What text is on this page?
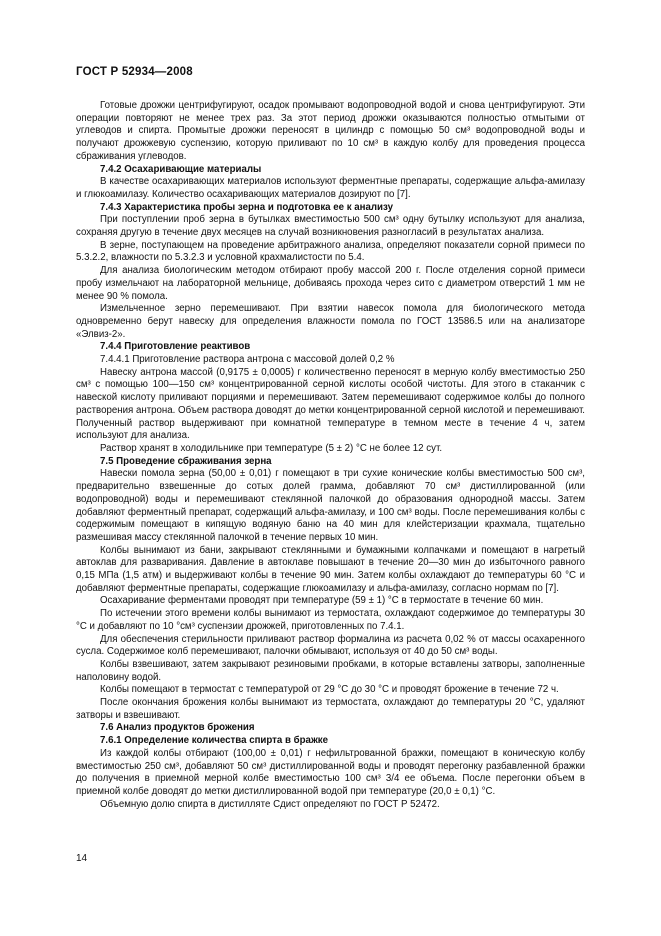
ГОСТ Р 52934—2008

Готовые дрожжи центрифугируют, осадок промывают водопроводной водой и снова центрифугируют. Эти операции повторяют не менее трех раз. За этот период дрожжи оказываются полностью отмытыми от углеводов и спирта. Промытые дрожжи переносят в цилиндр с помощью 50 см³ водопроводной воды и получают дрожжевую суспензию, которую приливают по 10 см³ в каждую колбу для проведения процесса сбраживания углеводов.

7.4.2 Осахаривающие материалы

В качестве осахаривающих материалов используют ферментные препараты, содержащие альфа-амилазу и глюкоамилазу. Количество осахаривающих материалов дозируют по [7].

7.4.3 Характеристика пробы зерна и подготовка ее к анализу

При поступлении проб зерна в бутылках вместимостью 500 см³ одну бутылку используют для анализа, сохраняя другую в течение двух месяцев на случай возникновения разногласий в результатах анализа.

В зерне, поступающем на проведение арбитражного анализа, определяют показатели сорной примеси по 5.3.2.2, влажности по 5.3.2.3 и условной крахмалистости по 5.4.

Для анализа биологическим методом отбирают пробу массой 200 г. После отделения сорной примеси пробу измельчают на лабораторной мельнице, добиваясь прохода через сито с диаметром отверстий 1 мм не менее 90 % помола.

Измельченное зерно перемешивают. При взятии навесок помола для биологического метода одновременно берут навеску для определения влажности помола по ГОСТ 13586.5 или на анализаторе «Элвиз-2».

7.4.4 Приготовление реактивов

7.4.4.1 Приготовление раствора антрона с массовой долей 0,2 %

Навеску антрона массой (0,9175 ± 0,0005) г количественно переносят в мерную колбу вместимостью 250 см³ с помощью 100—150 см³ концентрированной серной кислоты особой чистоты. Для этого в стаканчик с навеской кислоту приливают порциями и перемешивают. Затем перемешивают содержимое колбы до полного растворения антрона. Объем раствора доводят до метки концентрированной серной кислотой и перемешивают. Полученный раствор выдерживают при комнатной температуре в темном месте в течение 4 ч, затем используют для анализа.

Раствор хранят в холодильнике при температуре (5 ± 2) °С не более 12 сут.

7.5 Проведение сбраживания зерна

Навески помола зерна (50,00 ± 0,01) г помещают в три сухие конические колбы вместимостью 500 см³, предварительно взвешенные до сотых долей грамма, добавляют 70 см³ дистиллированной (или водопроводной) воды и перемешивают стеклянной палочкой до образования однородной массы. Затем добавляют ферментный препарат, содержащий альфа-амилазу, и 100 см³ воды. После перемешивания колбы с содержимым помещают в кипящую водяную баню на 40 мин для клейстеризации крахмала, тщательно размешивая массу стеклянной палочкой в течение первых 10 мин.

Колбы вынимают из бани, закрывают стеклянными и бумажными колпачками и помещают в нагретый автоклав для разваривания. Давление в автоклаве повышают в течение 20—30 мин до избыточного равного 0,15 МПа (1,5 атм) и выдерживают колбы в течение 90 мин. Затем колбы охлаждают до температуры 60 °С и добавляют ферментные препараты, содержащие глюкоамилазу и альфа-амилазу, согласно нормам по [7].

Осахаривание ферментами проводят при температуре (59 ± 1) °С в термостате в течение 60 мин.

По истечении этого времени колбы вынимают из термостата, охлаждают содержимое до температуры 30 °С и добавляют по 10 °см³ суспензии дрожжей, приготовленных по 7.4.1.

Для обеспечения стерильности приливают раствор формалина из расчета 0,02 % от массы осахаренного сусла. Содержимое колб перемешивают, палочки обмывают, используя от 40 до 50 см³ воды.

Колбы взвешивают, затем закрывают резиновыми пробками, в которые вставлены затворы, заполненные наполовину водой.

Колбы помещают в термостат с температурой от 29 °С до 30 °С и проводят брожение в течение 72 ч.

После окончания брожения колбы вынимают из термостата, охлаждают до температуры 20 °С, удаляют затворы и взвешивают.

7.6 Анализ продуктов брожения
7.6.1 Определение количества спирта в бражке

Из каждой колбы отбирают (100,00 ± 0,01) г нефильтрованной бражки, помещают в коническую колбу вместимостью 250 см³, добавляют 50 см³ дистиллированной воды и проводят перегонку разбавленной бражки до получения в приемной мерной колбе вместимостью 100 см³ 3/4 ее объема. После перегонки объем в приемной колбе доводят до метки дистиллированной водой при температуре (20,0 ± 0,1) °С.

Объемную долю спирта в дистилляте Сдист определяют по ГОСТ Р 52472.

14
